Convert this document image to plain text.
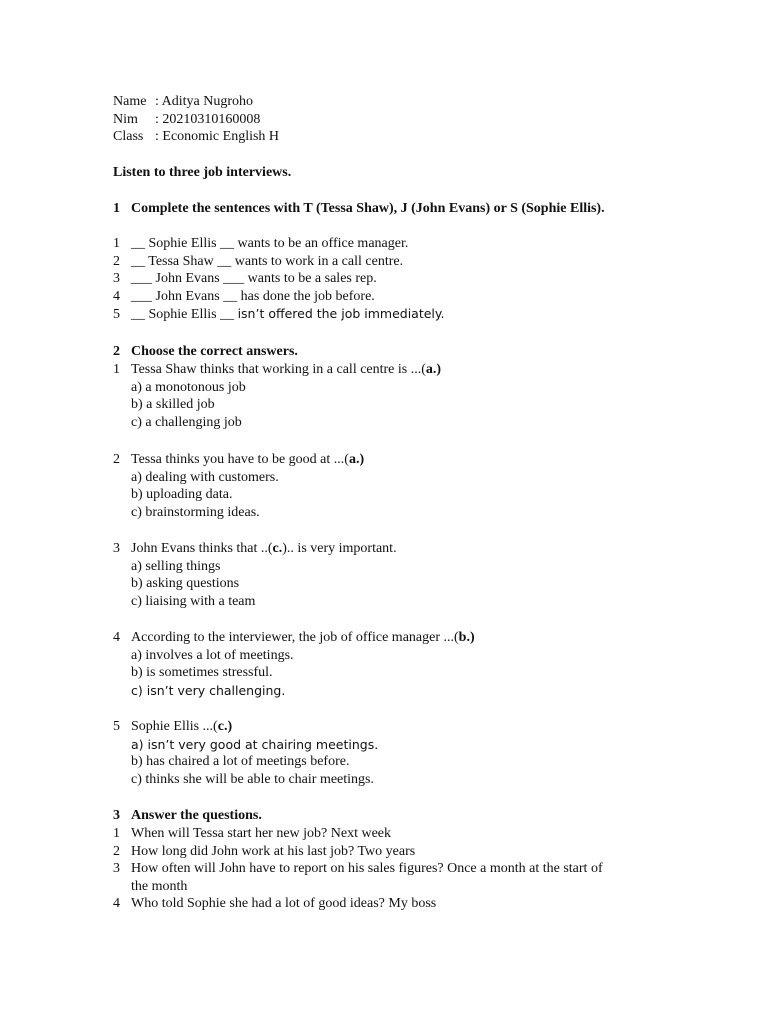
Name : Aditya Nugroho
Nim : 20210310160008
Class : Economic English H
Listen to three job interviews.
1 Complete the sentences with T (Tessa Shaw), J (John Evans) or S (Sophie Ellis).
1 __ Sophie Ellis __ wants to be an office manager.
2 __ Tessa Shaw __ wants to work in a call centre.
3 ___ John Evans ___ wants to be a sales rep.
4 ___ John Evans __ has done the job before.
5 __ Sophie Ellis __ isn’t offered the job immediately.
2 Choose the correct answers.
1 Tessa Shaw thinks that working in a call centre is ...(a.)
a) a monotonous job
b) a skilled job
c) a challenging job
2 Tessa thinks you have to be good at ...(a.)
a) dealing with customers.
b) uploading data.
c) brainstorming ideas.
3 John Evans thinks that ..(c.).. is very important.
a) selling things
b) asking questions
c) liaising with a team
4 According to the interviewer, the job of office manager ...(b.)
a) involves a lot of meetings.
b) is sometimes stressful.
c) isn’t very challenging.
5 Sophie Ellis ...(c.)
a) isn’t very good at chairing meetings.
b) has chaired a lot of meetings before.
c) thinks she will be able to chair meetings.
3 Answer the questions.
1 When will Tessa start her new job? Next week
2 How long did John work at his last job? Two years
3 How often will John have to report on his sales figures? Once a month at the start of
the month
4 Who told Sophie she had a lot of good ideas? My boss
